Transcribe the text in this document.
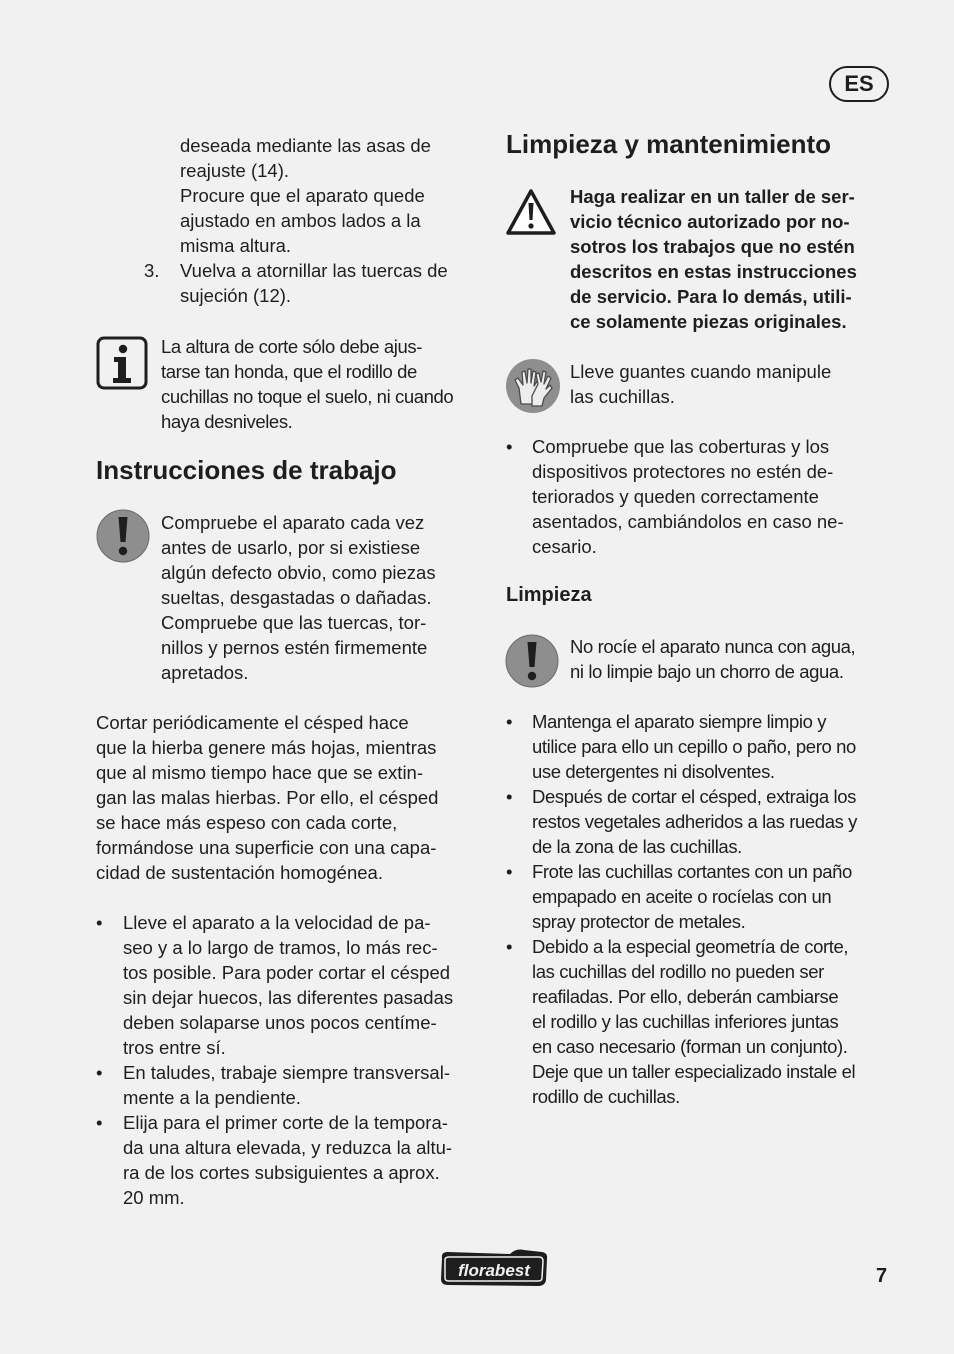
ES
deseada mediante las asas de
reajuste (14).
Procure que el aparato quede
ajustado en ambos lados a la
misma altura.
3. Vuelva a atornillar las tuercas de
sujeción (12).
La altura de corte sólo debe ajus-
tarse tan honda, que el rodillo de
cuchillas no toque el suelo, ni cuando
haya desniveles.
Instrucciones de trabajo
Compruebe el aparato cada vez
antes de usarlo, por si existiese
algún defecto obvio, como piezas
sueltas, desgastadas o dañadas.
Compruebe que las tuercas, tor-
nillos y pernos estén firmemente
apretados.
Cortar periódicamente el césped hace
que la hierba genere más hojas, mientras
que al mismo tiempo hace que se extin-
gan las malas hierbas. Por ello, el césped
se hace más espeso con cada corte,
formándose una superficie con una capa-
cidad de sustentación homogénea.
• Lleve el aparato a la velocidad de pa-
seo y a lo largo de tramos, lo más rec-
tos posible. Para poder cortar el césped
sin dejar huecos, las diferentes pasadas
deben solaparse unos pocos centíme-
tros entre sí.
• En taludes, trabaje siempre transversal-
mente a la pendiente.
• Elija para el primer corte de la tempora-
da una altura elevada, y reduzca la altu-
ra de los cortes subsiguientes a aprox.
20 mm.
Limpieza y mantenimiento
Haga realizar en un taller de ser-
vicio técnico autorizado por no-
sotros los trabajos que no estén
descritos en estas instrucciones
de servicio. Para lo demás, utili-
ce solamente piezas originales.
Lleve guantes cuando manipule
las cuchillas.
• Compruebe que las coberturas y los
dispositivos protectores no estén de-
teriorados y queden correctamente
asentados, cambiándolos en caso ne-
cesario.
Limpieza
No rocíe el aparato nunca con agua,
ni lo limpie bajo un chorro de agua.
• Mantenga el aparato siempre limpio y
utilice para ello un cepillo o paño, pero no
use detergentes ni disolventes.
• Después de cortar el césped, extraiga los
restos vegetales adheridos a las ruedas y
de la zona de las cuchillas.
• Frote las cuchillas cortantes con un paño
empapado en aceite o rocíelas con un
spray protector de metales.
• Debido a la especial geometría de corte,
las cuchillas del rodillo no pueden ser
reafiladas. Por ello, deberán cambiarse
el rodillo y las cuchillas inferiores juntas
en caso necesario (forman un conjunto).
Deje que un taller especializado instale el
rodillo de cuchillas.
florabest	7
